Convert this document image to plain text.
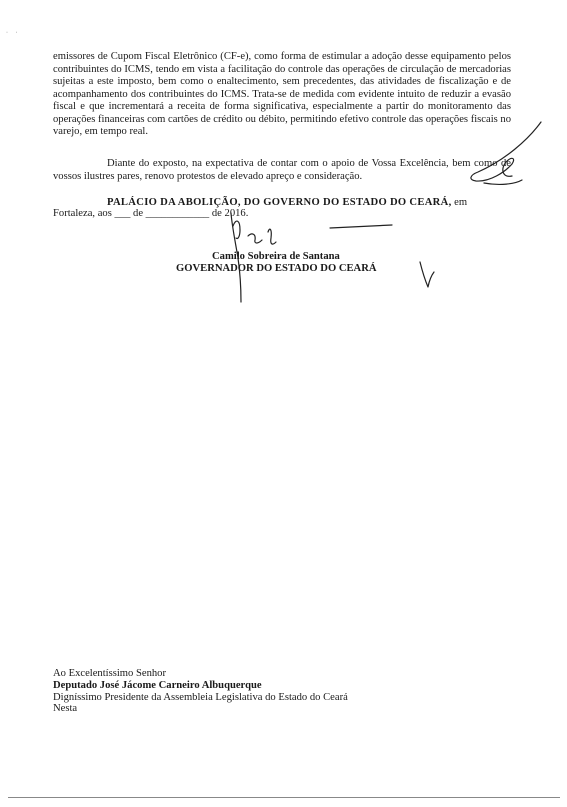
· ·

emissores de Cupom Fiscal Eletrônico (CF-e), como forma de estimular a adoção desse equipamento pelos contribuintes do ICMS, tendo em vista a facilitação do controle das operações de circulação de mercadorias sujeitas a este imposto, bem como o enaltecimento, sem precedentes, das atividades de fiscalização e de acompanhamento dos contribuintes do ICMS. Trata-se de medida com evidente intuito de reduzir a evasão fiscal e que incrementará a receita de forma significativa, especialmente a partir do monitoramento das operações financeiras com cartões de crédito ou débito, permitindo efetivo controle das operações fiscais no varejo, em tempo real.

Diante do exposto, na expectativa de contar com o apoio de Vossa Excelência, bem como de vossos ilustres pares, renovo protestos de elevado apreço e consideração.

PALÁCIO DA ABOLIÇÃO, DO GOVERNO DO ESTADO DO CEARÁ, em

Fortaleza, aos ___ de ____________ de 2016.
Camilo Sobreira de Santana
GOVERNADOR DO ESTADO DO CEARÁ
Ao Excelentíssimo Senhor
Deputado José Jácome Carneiro Albuquerque
Digníssimo Presidente da Assembleia Legislativa do Estado do Ceará
Nesta
